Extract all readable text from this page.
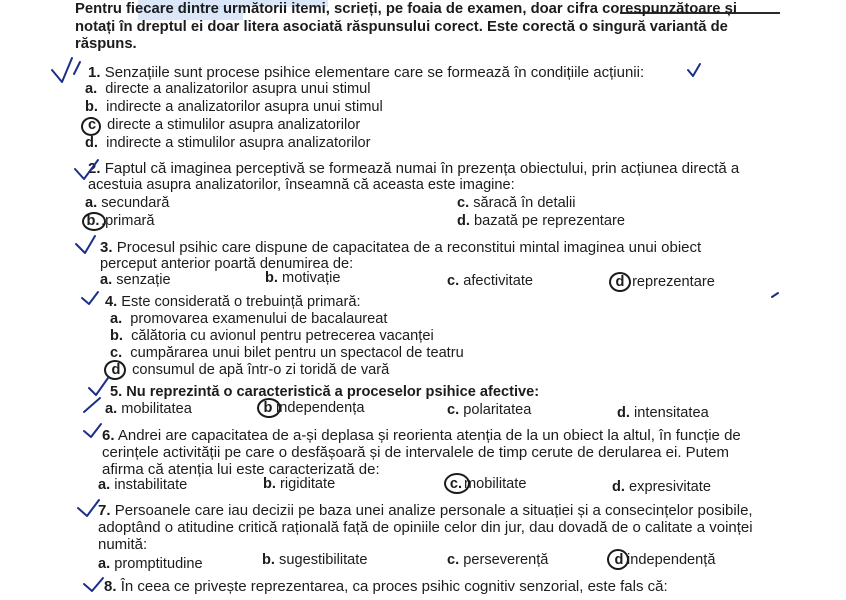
Pentru fiecare dintre următorii itemi, scrieți, pe foaia de examen, doar cifra corespunzătoare și
notați în dreptul ei doar litera asociată răspunsului corect. Este corectă o singură variantă de
răspuns.
1. Senzațiile sunt procese psihice elementare care se formează în condițiile acțiunii:
a. directe a analizatorilor asupra unui stimul
b. indirecte a analizatorilor asupra unui stimul
c directe a stimulilor asupra analizatorilor
d. indirecte a stimulilor asupra analizatorilor
2. Faptul că imaginea perceptivă se formează numai în prezența obiectului, prin acțiunea directă a
acestuia asupra analizatorilor, înseamnă că aceasta este imagine:
a. secundară	c. săracă în detalii
b. .primară	d. bazată pe reprezentare
3. Procesul psihic care dispune de capacitatea de a reconstitui mintal imaginea unui obiect
perceput anterior poartă denumirea de:
a. senzație	b. motivație	c. afectivitate	d reprezentare
4. Este considerată o trebuință primară:
a. promovarea examenului de bacalaureat
b. călătoria cu avionul pentru petrecerea vacanței
c. cumpărarea unui bilet pentru un spectacol de teatru
d consumul de apă într-o zi toridă de vară
5. Nu reprezintă o caracteristică a proceselor psihice afective:
a. mobilitatea	b independența	c. polaritatea	d. intensitatea
6. Andrei are capacitatea de a-și deplasa și reorienta atenția de la un obiect la altul, în funcție de
cerințele activității pe care o desfășoară și de intervalele de timp cerute de derularea ei. Putem
afirma că atenția lui este caracterizată de:
a. instabilitate	b. rigiditate	c. mobilitate	d. expresivitate
7. Persoanele care iau decizii pe baza unei analize personale a situației și a consecințelor posibile,
adoptând o atitudine critică rațională față de opiniile celor din jur, dau dovadă de o calitate a voinței
numită:
a. promptitudine	b. sugestibilitate	c. perseverență	d independență
8. În ceea ce privește reprezentarea, ca proces psihic cognitiv senzorial, este fals că:
